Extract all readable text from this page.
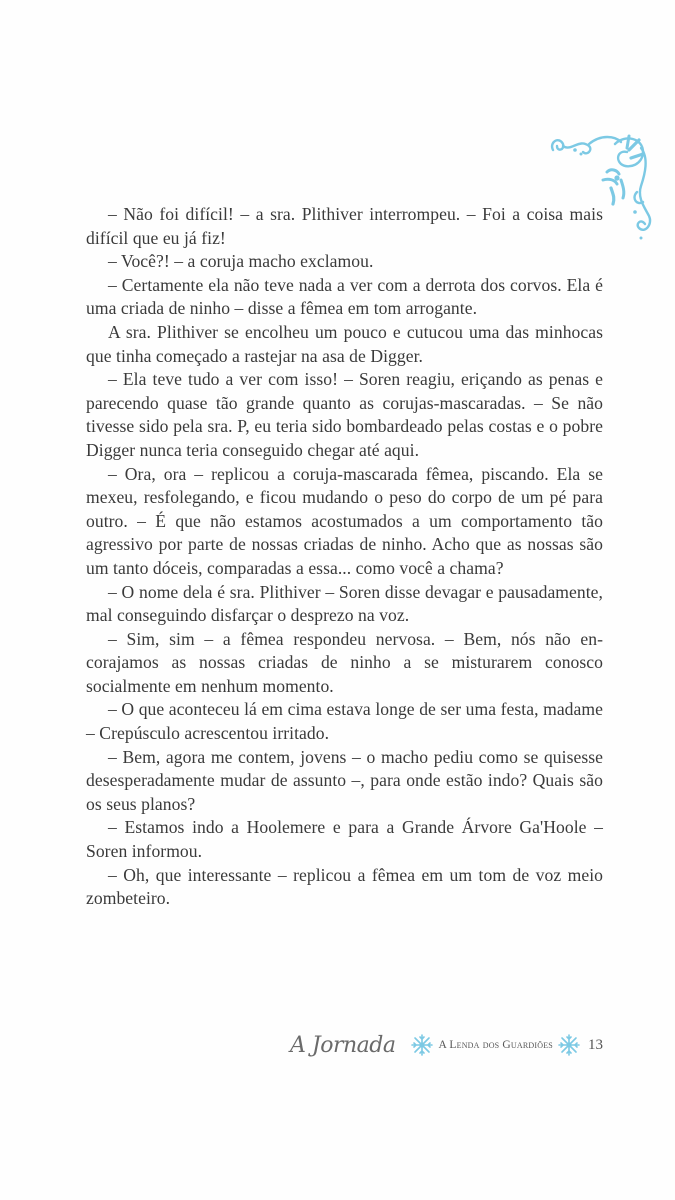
– Não foi difícil! – a sra. Plithiver interrompeu. – Foi a coisa mais difícil que eu já fiz!

– Você?! – a coruja macho exclamou.

– Certamente ela não teve nada a ver com a derrota dos corvos. Ela é uma criada de ninho – disse a fêmea em tom arrogante.

A sra. Plithiver se encolheu um pouco e cutucou uma das minhocas que tinha começado a rastejar na asa de Digger.

– Ela teve tudo a ver com isso! – Soren reagiu, eriçando as penas e parecendo quase tão grande quanto as corujas-mascaradas. – Se não tivesse sido pela sra. P, eu teria sido bombardeado pelas costas e o pobre Digger nunca teria conseguido chegar até aqui.

– Ora, ora – replicou a coruja-mascarada fêmea, piscando. Ela se mexeu, resfolegando, e ficou mudando o peso do corpo de um pé para outro. – É que não estamos acostumados a um comportamento tão agressivo por parte de nossas criadas de ninho. Acho que as nossas são um tanto dóceis, comparadas a essa... como você a chama?

– O nome dela é sra. Plithiver – Soren disse devagar e pausadamente, mal conseguindo disfarçar o desprezo na voz.

– Sim, sim – a fêmea respondeu nervosa. – Bem, nós não encorajamos as nossas criadas de ninho a se misturarem conosco socialmente em nenhum momento.

– O que aconteceu lá em cima estava longe de ser uma festa, madame – Crepúsculo acrescentou irritado.

– Bem, agora me contem, jovens – o macho pediu como se quisesse desesperadamente mudar de assunto –, para onde estão indo? Quais são os seus planos?

– Estamos indo a Hoolemere e para a Grande Árvore Ga'Hoole – Soren informou.

– Oh, que interessante – replicou a fêmea em um tom de voz meio zombeteiro.

A Jornada	A Lenda dos Guardiões 13
